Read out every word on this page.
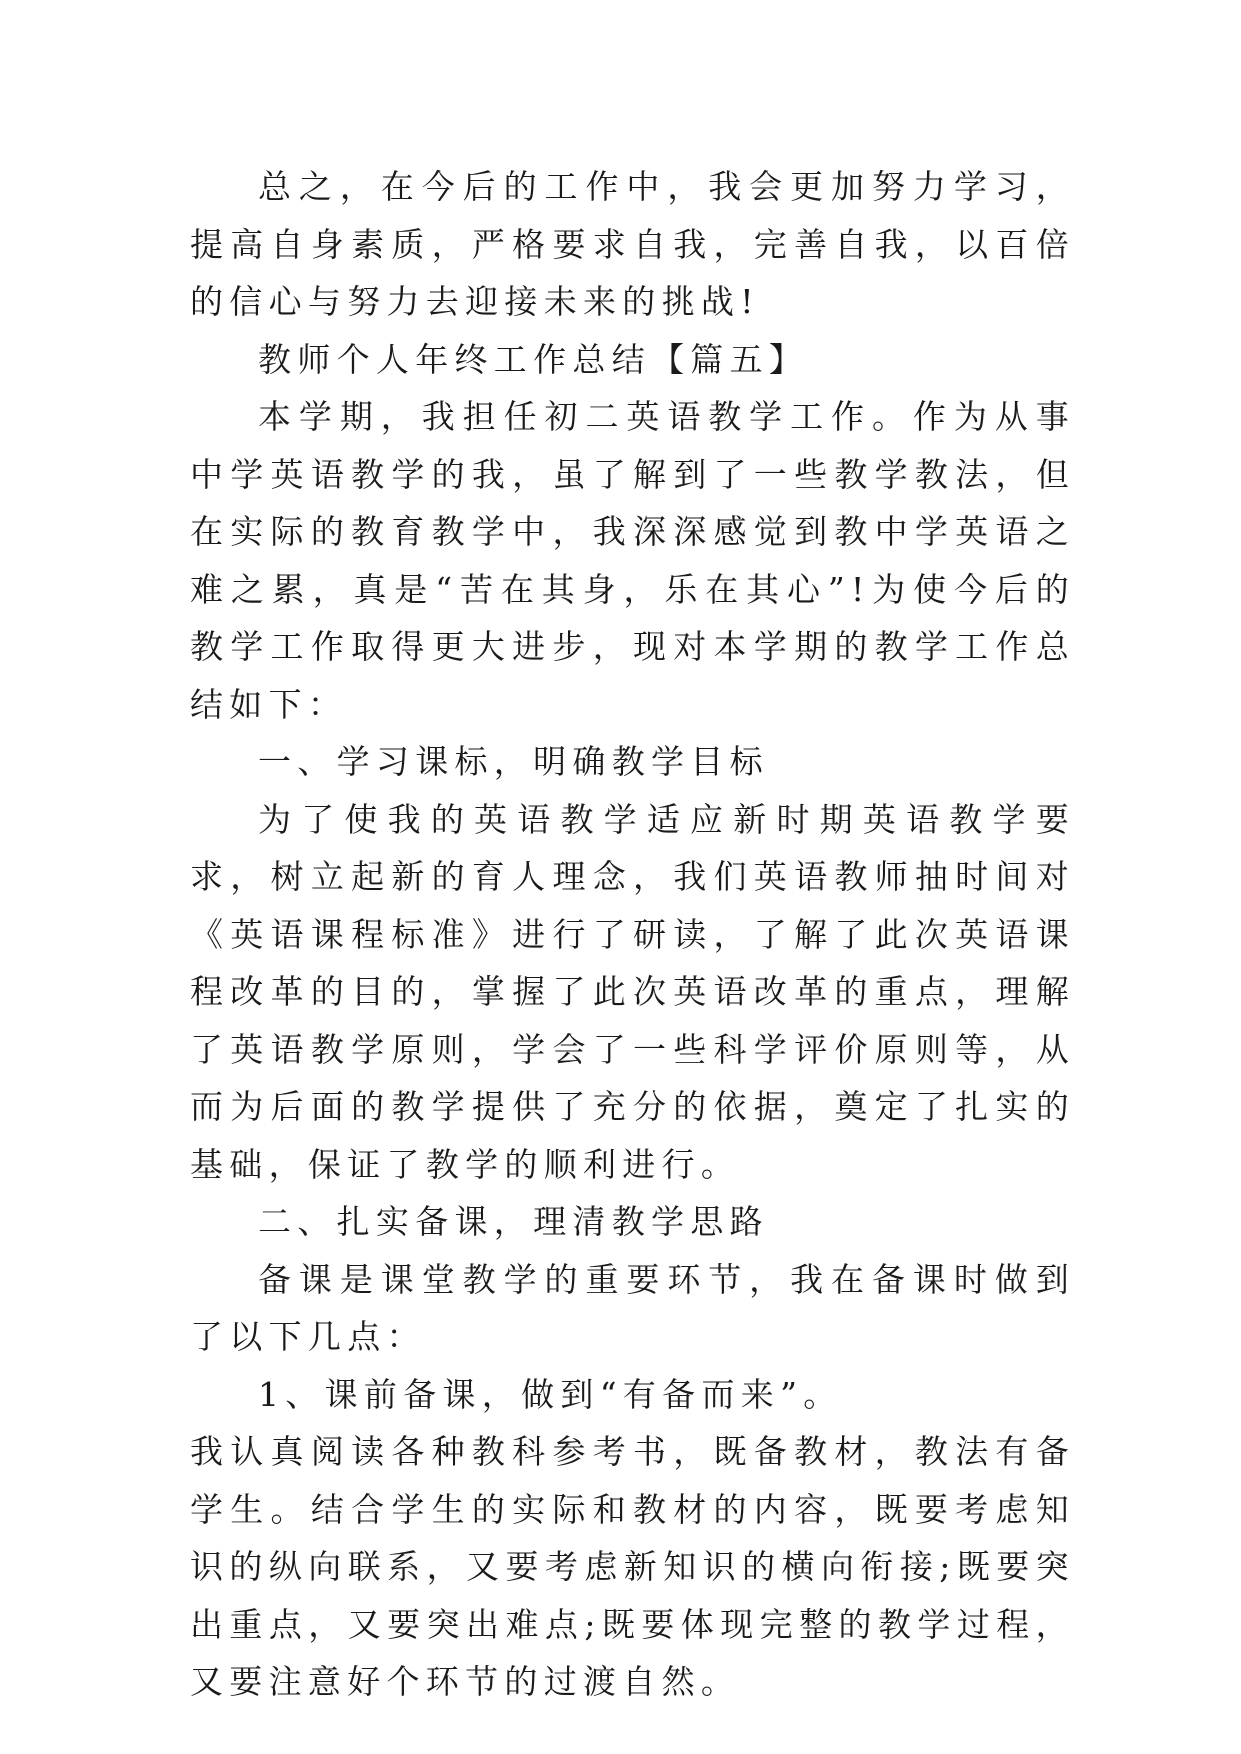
总之，在今后的工作中，我会更加努力学习，提高自身素质，严格要求自我，完善自我，以百倍的信心与努力去迎接未来的挑战!

教师个人年终工作总结【篇五】

本学期，我担任初二英语教学工作。作为从事中学英语教学的我，虽了解到了一些教学教法，但在实际的教育教学中，我深深感觉到教中学英语之难之累，真是“苦在其身，乐在其心”!为使今后的教学工作取得更大进步，现对本学期的教学工作总结如下：

一、学习课标，明确教学目标

为了使我的英语教学适应新时期英语教学要求，树立起新的育人理念，我们英语教师抽时间对《英语课程标准》进行了研读，了解了此次英语课程改革的目的，掌握了此次英语改革的重点，理解了英语教学原则，学会了一些科学评价原则等，从而为后面的教学提供了充分的依据，奠定了扎实的基础，保证了教学的顺利进行。

二、扎实备课，理清教学思路

备课是课堂教学的重要环节，我在备课时做到了以下几点：

1、课前备课，做到“有备而来”。

我认真阅读各种教科参考书，既备教材，教法有备学生。结合学生的实际和教材的内容，既要考虑知识的纵向联系，又要考虑新知识的横向衔接;既要突出重点，又要突出难点;既要体现完整的教学过程，又要注意好个环节的过渡自然。
